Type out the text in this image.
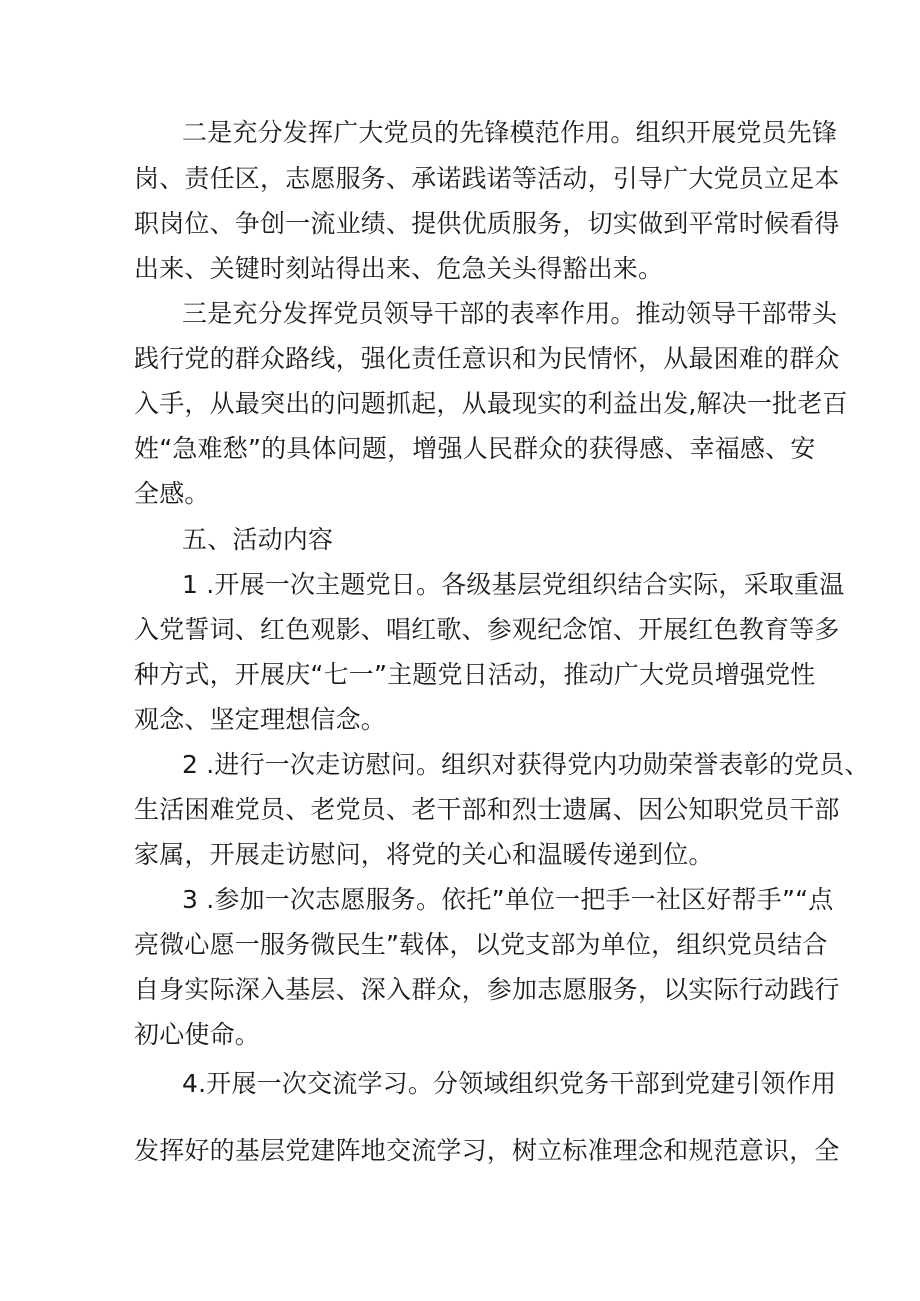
二是充分发挥广大党员的先锋模范作用。组织开展党员先锋
岗、责任区，志愿服务、承诺践诺等活动，引导广大党员立足本
职岗位、争创一流业绩、提供优质服务，切实做到平常时候看得
出来、关键时刻站得出来、危急关头得豁出来。
三是充分发挥党员领导干部的表率作用。推动领导干部带头
践行党的群众路线，强化责任意识和为民情怀，从最困难的群众
入手，从最突出的问题抓起，从最现实的利益出发,解决一批老百
姓“急难愁”的具体问题，增强人民群众的获得感、幸福感、安
全感。
五、活动内容
1 .开展一次主题党日。各级基层党组织结合实际，采取重温
入党誓词、红色观影、唱红歌、参观纪念馆、开展红色教育等多
种方式，开展庆“七一”主题党日活动，推动广大党员增强党性
观念、坚定理想信念。
2 .进行一次走访慰问。组织对获得党内功勋荣誉表彰的党员、
生活困难党员、老党员、老干部和烈士遗属、因公知职党员干部
家属，开展走访慰问，将党的关心和温暖传递到位。
3 .参加一次志愿服务。依托”单位一把手一社区好帮手”“点
亮微心愿一服务微民生”载体，以党支部为单位，组织党员结合
自身实际深入基层、深入群众，参加志愿服务，以实际行动践行
初心使命。
4.开展一次交流学习。分领域组织党务干部到党建引领作用
发挥好的基层党建阵地交流学习，树立标准理念和规范意识，全
